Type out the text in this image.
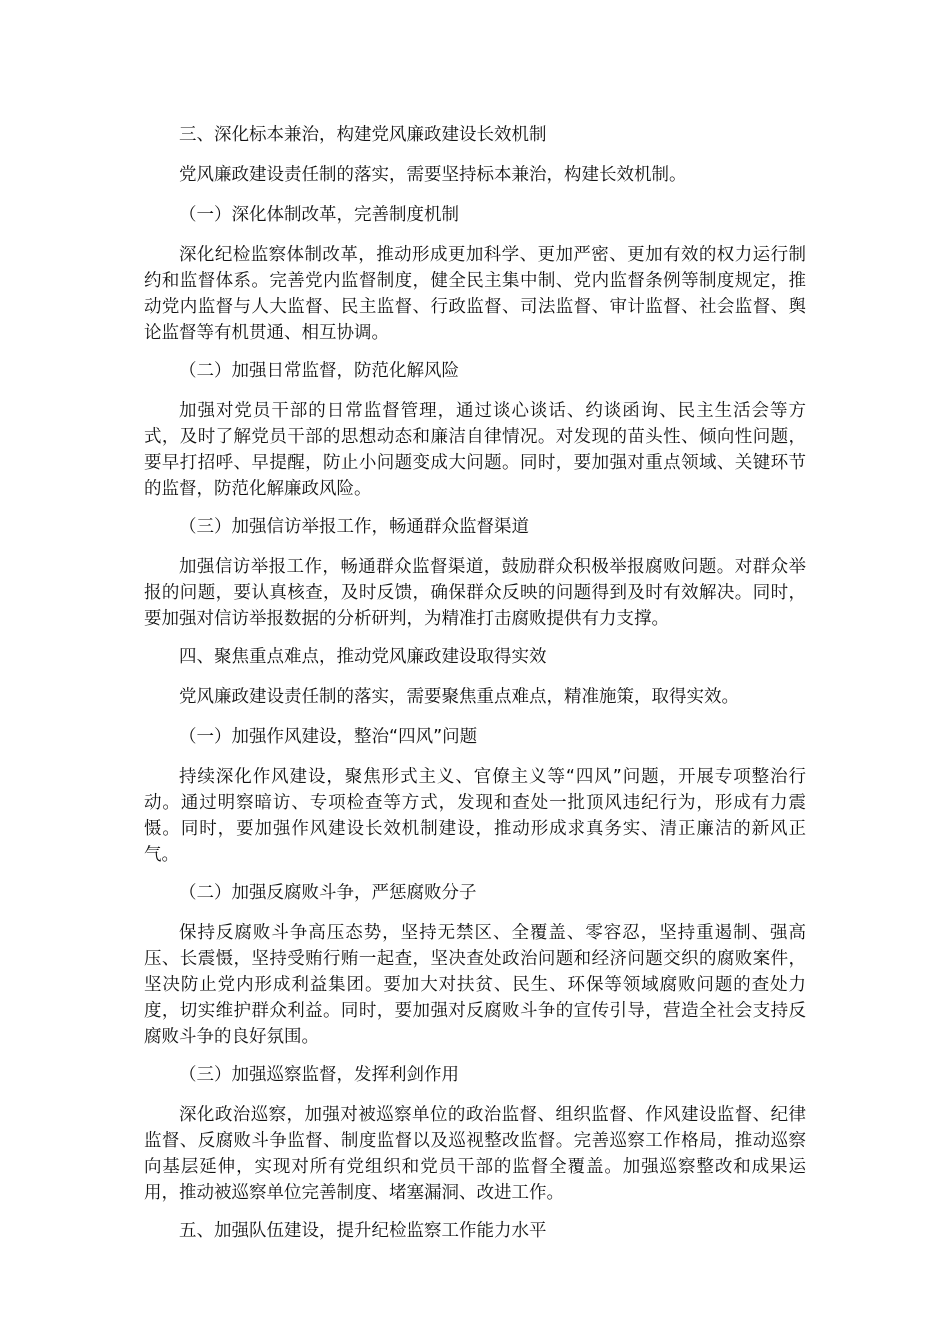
三、深化标本兼治，构建党风廉政建设长效机制

党风廉政建设责任制的落实，需要坚持标本兼治，构建长效机制。

（一）深化体制改革，完善制度机制

深化纪检监察体制改革，推动形成更加科学、更加严密、更加有效的权力运行制约和监督体系。完善党内监督制度，健全民主集中制、党内监督条例等制度规定，推动党内监督与人大监督、民主监督、行政监督、司法监督、审计监督、社会监督、舆论监督等有机贯通、相互协调。

（二）加强日常监督，防范化解风险

加强对党员干部的日常监督管理，通过谈心谈话、约谈函询、民主生活会等方式，及时了解党员干部的思想动态和廉洁自律情况。对发现的苗头性、倾向性问题，要早打招呼、早提醒，防止小问题变成大问题。同时，要加强对重点领域、关键环节的监督，防范化解廉政风险。

（三）加强信访举报工作，畅通群众监督渠道

加强信访举报工作，畅通群众监督渠道，鼓励群众积极举报腐败问题。对群众举报的问题，要认真核查，及时反馈，确保群众反映的问题得到及时有效解决。同时，要加强对信访举报数据的分析研判，为精准打击腐败提供有力支撑。

四、聚焦重点难点，推动党风廉政建设取得实效

党风廉政建设责任制的落实，需要聚焦重点难点，精准施策，取得实效。

（一）加强作风建设，整治“四风”问题

持续深化作风建设，聚焦形式主义、官僚主义等“四风”问题，开展专项整治行动。通过明察暗访、专项检查等方式，发现和查处一批顶风违纪行为，形成有力震慑。同时，要加强作风建设长效机制建设，推动形成求真务实、清正廉洁的新风正气。

（二）加强反腐败斗争，严惩腐败分子

保持反腐败斗争高压态势，坚持无禁区、全覆盖、零容忍，坚持重遏制、强高压、长震慑，坚持受贿行贿一起查，坚决查处政治问题和经济问题交织的腐败案件，坚决防止党内形成利益集团。要加大对扶贫、民生、环保等领域腐败问题的查处力度，切实维护群众利益。同时，要加强对反腐败斗争的宣传引导，营造全社会支持反腐败斗争的良好氛围。

（三）加强巡察监督，发挥利剑作用

深化政治巡察，加强对被巡察单位的政治监督、组织监督、作风建设监督、纪律监督、反腐败斗争监督、制度监督以及巡视整改监督。完善巡察工作格局，推动巡察向基层延伸，实现对所有党组织和党员干部的监督全覆盖。加强巡察整改和成果运用，推动被巡察单位完善制度、堵塞漏洞、改进工作。

五、加强队伍建设，提升纪检监察工作能力水平
